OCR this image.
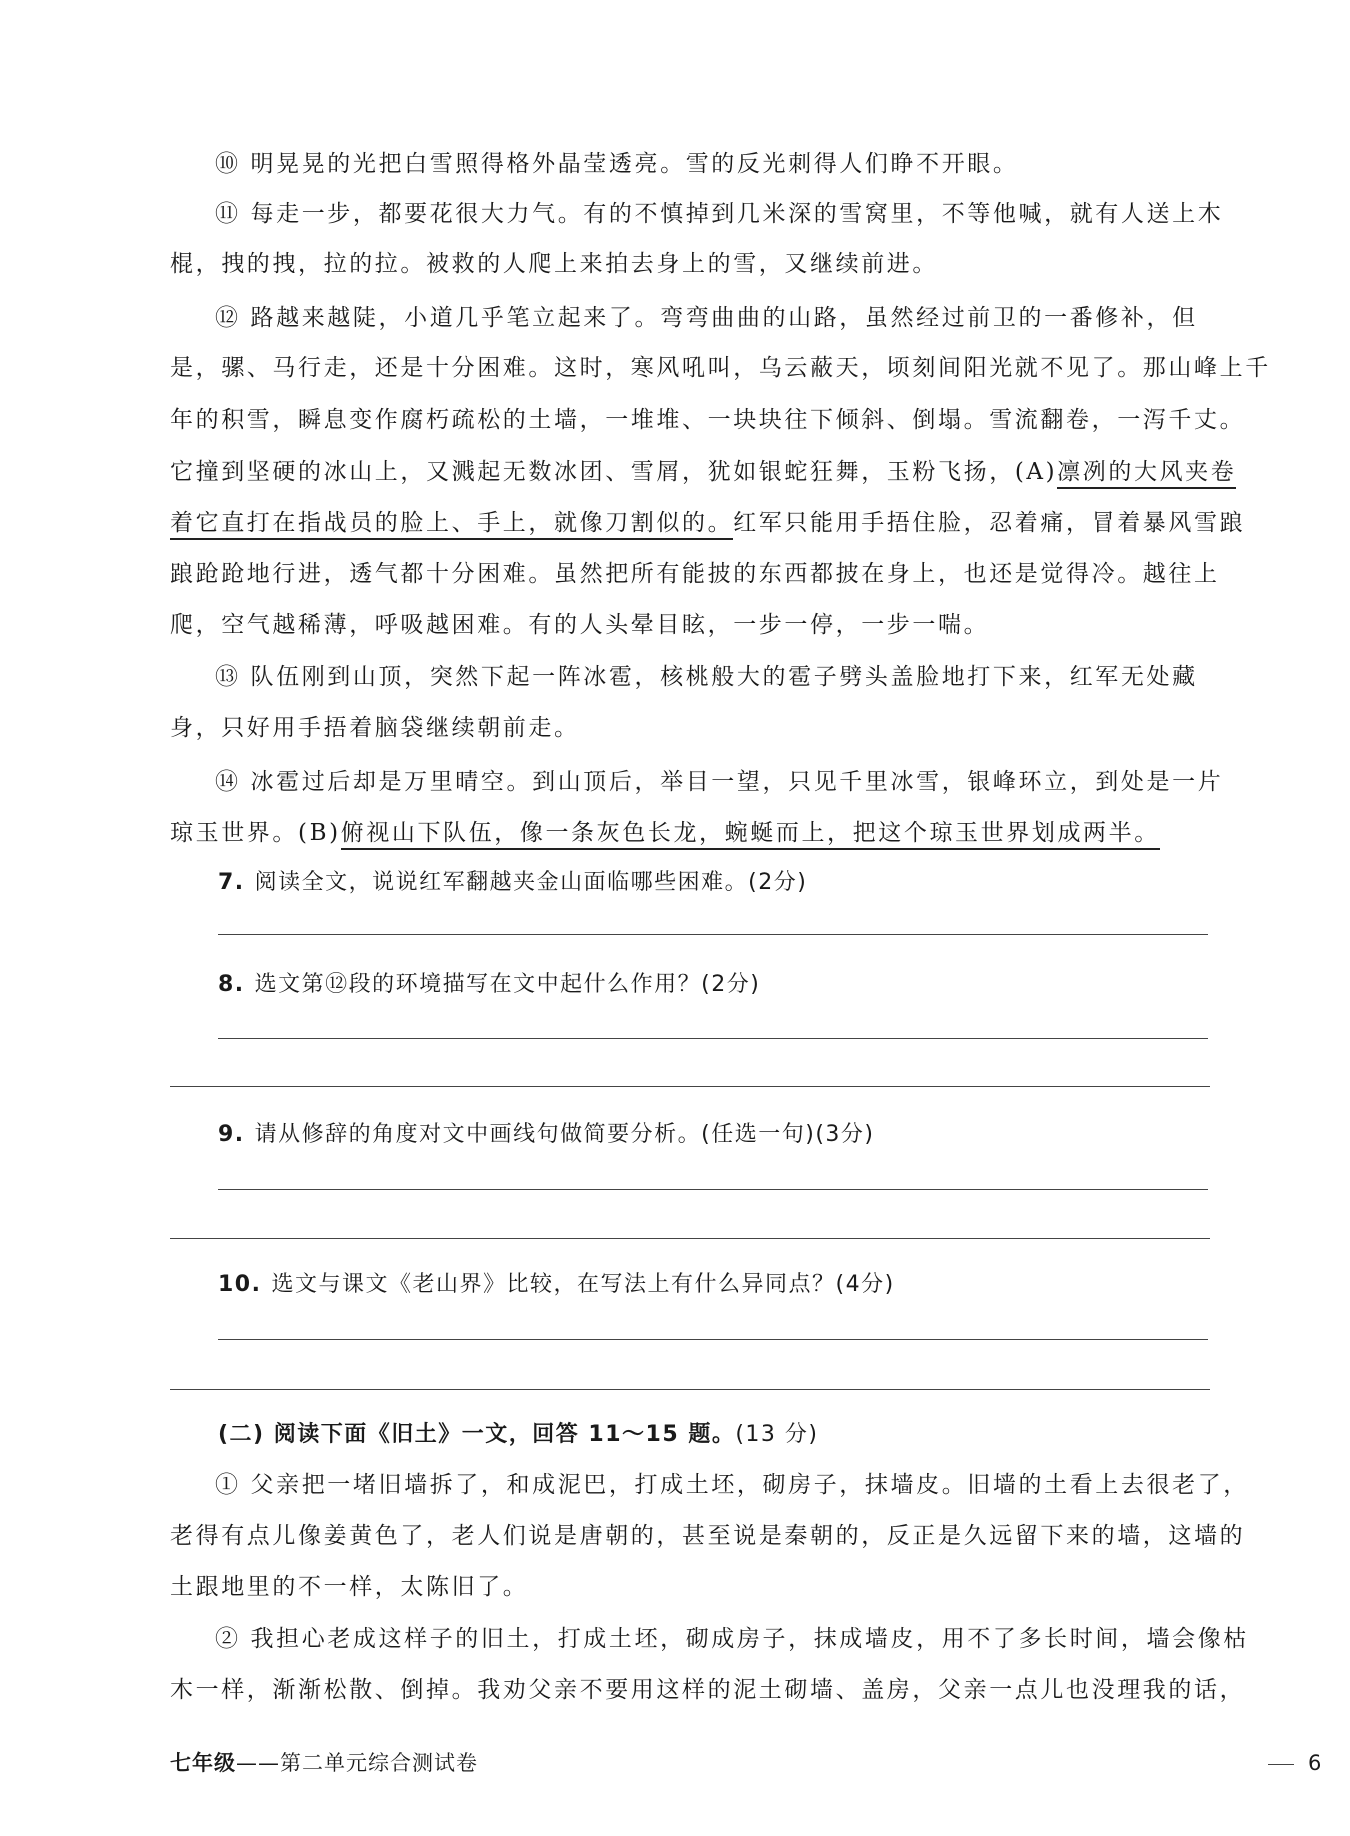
⑩ 明晃晃的光把白雪照得格外晶莹透亮。雪的反光刺得人们睁不开眼。
⑪ 每走一步，都要花很大力气。有的不慎掉到几米深的雪窝里，不等他喊，就有人送上木
棍，拽的拽，拉的拉。被救的人爬上来拍去身上的雪，又继续前进。
⑫ 路越来越陡，小道几乎笔立起来了。弯弯曲曲的山路，虽然经过前卫的一番修补，但
是，骡、马行走，还是十分困难。这时，寒风吼叫，乌云蔽天，顷刻间阳光就不见了。那山峰上千
年的积雪，瞬息变作腐朽疏松的土墙，一堆堆、一块块往下倾斜、倒塌。雪流翻卷，一泻千丈。
它撞到坚硬的冰山上，又溅起无数冰团、雪屑，犹如银蛇狂舞，玉粉飞扬，(A)凛冽的大风夹卷
着它直打在指战员的脸上、手上，就像刀割似的。红军只能用手捂住脸，忍着痛，冒着暴风雪踉
踉跄跄地行进，透气都十分困难。虽然把所有能披的东西都披在身上，也还是觉得冷。越往上
爬，空气越稀薄，呼吸越困难。有的人头晕目眩，一步一停，一步一喘。
⑬ 队伍刚到山顶，突然下起一阵冰雹，核桃般大的雹子劈头盖脸地打下来，红军无处藏
身，只好用手捂着脑袋继续朝前走。
⑭ 冰雹过后却是万里晴空。到山顶后，举目一望，只见千里冰雪，银峰环立，到处是一片
琼玉世界。(B)俯视山下队伍，像一条灰色长龙，蜿蜒而上，把这个琼玉世界划成两半。
7. 阅读全文，说说红军翻越夹金山面临哪些困难。(2分)
8. 选文第⑫段的环境描写在文中起什么作用？(2分)
9. 请从修辞的角度对文中画线句做简要分析。(任选一句)(3分)
10. 选文与课文《老山界》比较，在写法上有什么异同点？(4分)
(二) 阅读下面《旧土》一文，回答 11～15 题。(13 分)
① 父亲把一堵旧墙拆了，和成泥巴，打成土坯，砌房子，抹墙皮。旧墙的土看上去很老了，
老得有点儿像姜黄色了，老人们说是唐朝的，甚至说是秦朝的，反正是久远留下来的墙，这墙的
土跟地里的不一样，太陈旧了。
② 我担心老成这样子的旧土，打成土坯，砌成房子，抹成墙皮，用不了多长时间，墙会像枯
木一样，渐渐松散、倒掉。我劝父亲不要用这样的泥土砌墙、盖房，父亲一点儿也没理我的话，
七年级——第二单元综合测试卷	6
